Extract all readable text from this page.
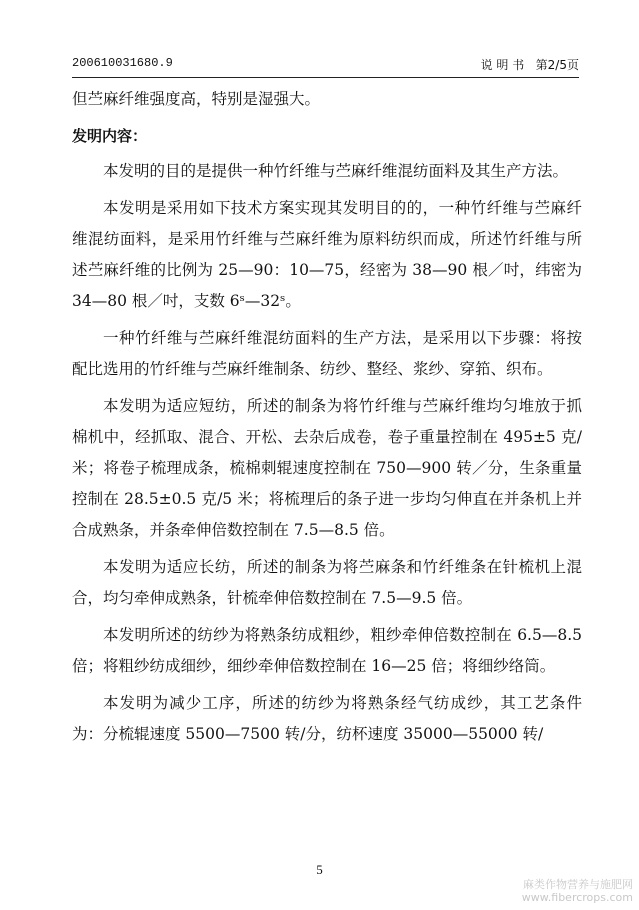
200610031680.9	说 明 书 第2/5页

但苎麻纤维强度高，特别是湿强大。

发明内容：

本发明的目的是提供一种竹纤维与苎麻纤维混纺面料及其生产方法。

本发明是采用如下技术方案实现其发明目的的，一种竹纤维与苎麻纤维混纺面料，是采用竹纤维与苎麻纤维为原料纺织而成，所述竹纤维与所述苎麻纤维的比例为 25—90：10—75，经密为 38—90 根／吋，纬密为 34—80 根／吋，支数 6ˢ—32ˢ。

一种竹纤维与苎麻纤维混纺面料的生产方法，是采用以下步骤：将按配比选用的竹纤维与苎麻纤维制条、纺纱、整经、浆纱、穿筘、织布。

本发明为适应短纺，所述的制条为将竹纤维与苎麻纤维均匀堆放于抓棉机中，经抓取、混合、开松、去杂后成卷，卷子重量控制在 495±5 克/米；将卷子梳理成条，梳棉刺辊速度控制在 750—900 转／分，生条重量控制在 28.5±0.5 克/5 米；将梳理后的条子进一步均匀伸直在并条机上并合成熟条，并条牵伸倍数控制在 7.5—8.5 倍。

本发明为适应长纺，所述的制条为将苎麻条和竹纤维条在针梳机上混合，均匀牵伸成熟条，针梳牵伸倍数控制在 7.5—9.5 倍。

本发明所述的纺纱为将熟条纺成粗纱，粗纱牵伸倍数控制在 6.5—8.5 倍；将粗纱纺成细纱，细纱牵伸倍数控制在 16—25 倍；将细纱络筒。

本发明为减少工序，所述的纺纱为将熟条经气纺成纱，其工艺条件为：分梳辊速度 5500—7500 转/分，纺杯速度 35000—55000 转/

5
麻类作物营养与施肥网
www.fibercrops.com
